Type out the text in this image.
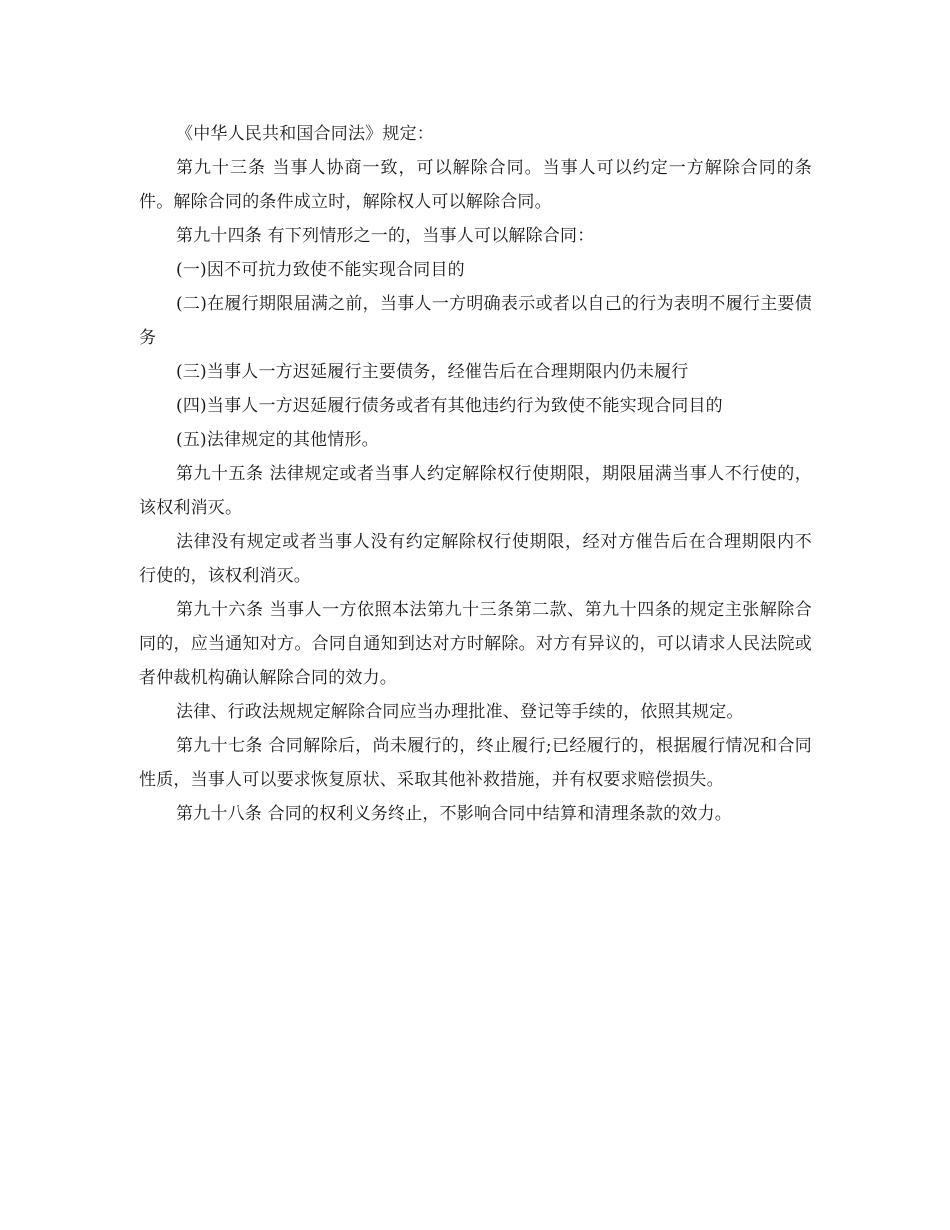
《中华人民共和国合同法》规定：

第九十三条 当事人协商一致，可以解除合同。当事人可以约定一方解除合同的条件。解除合同的条件成立时，解除权人可以解除合同。

第九十四条 有下列情形之一的，当事人可以解除合同：

(一)因不可抗力致使不能实现合同目的

(二)在履行期限届满之前，当事人一方明确表示或者以自己的行为表明不履行主要债务

(三)当事人一方迟延履行主要债务，经催告后在合理期限内仍未履行

(四)当事人一方迟延履行债务或者有其他违约行为致使不能实现合同目的

(五)法律规定的其他情形。

第九十五条 法律规定或者当事人约定解除权行使期限，期限届满当事人不行使的，该权利消灭。

法律没有规定或者当事人没有约定解除权行使期限，经对方催告后在合理期限内不行使的，该权利消灭。

第九十六条 当事人一方依照本法第九十三条第二款、第九十四条的规定主张解除合同的，应当通知对方。合同自通知到达对方时解除。对方有异议的，可以请求人民法院或者仲裁机构确认解除合同的效力。

法律、行政法规规定解除合同应当办理批准、登记等手续的，依照其规定。

第九十七条 合同解除后，尚未履行的，终止履行;已经履行的，根据履行情况和合同性质，当事人可以要求恢复原状、采取其他补救措施，并有权要求赔偿损失。

第九十八条 合同的权利义务终止，不影响合同中结算和清理条款的效力。
